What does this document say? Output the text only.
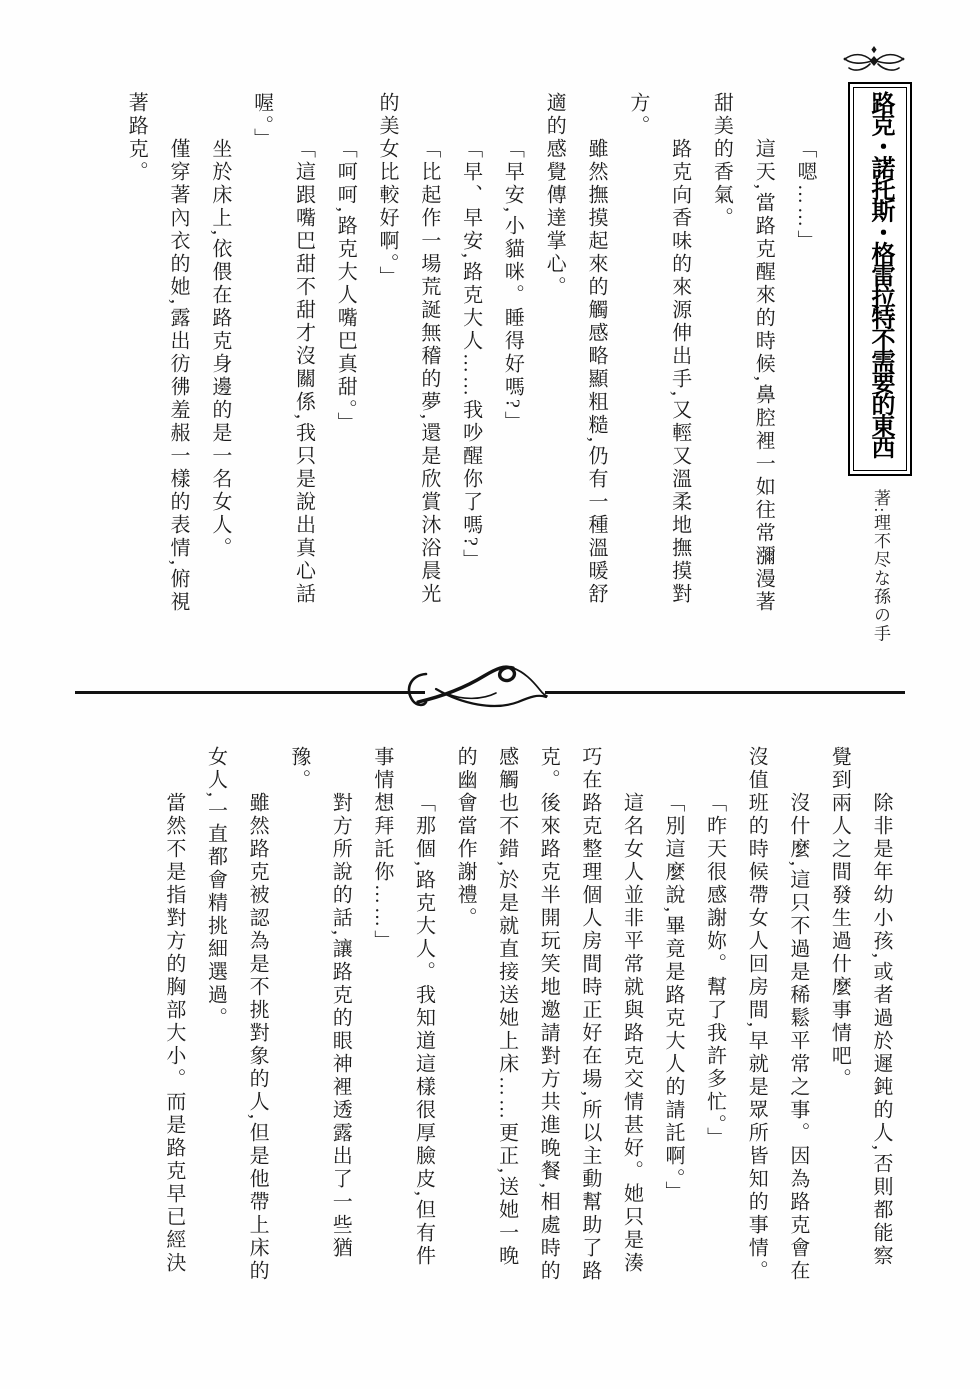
路克・諾托斯・格雷拉特不需要的東西
著:理不尽な孫の手

「嗯……」

這天,當路克醒來的時候,鼻腔裡一如往常瀰漫著甜美的香氣。

路克向香味的來源伸出手,又輕又溫柔地撫摸對方。

雖然撫摸起來的觸感略顯粗糙,仍有一種溫暖舒適的感覺傳達掌心。

「早安,小貓咪。睡得好嗎?」

「早、早安,路克大人……我吵醒你了嗎?」

「比起作一場荒誕無稽的夢,還是欣賞沐浴晨光的美女比較好啊。」

「呵呵,路克大人嘴巴真甜。」

「這跟嘴巴甜不甜才沒關係,我只是說出真心話喔。」

坐於床上,依偎在路克身邊的是一名女人。

僅穿著內衣的她,露出彷彿羞赧一樣的表情,俯視著路克。

除非是年幼小孩,或者過於遲鈍的人,否則都能察覺到兩人之間發生過什麼事情吧。

沒什麼,這只不過是稀鬆平常之事。因為路克會在沒值班的時候帶女人回房間,早就是眾所皆知的事情。

「昨天很感謝妳。幫了我許多忙。」

「別這麼說,畢竟是路克大人的請託啊。」

這名女人並非平常就與路克交情甚好。她只是湊巧在路克整理個人房間時正好在場,所以主動幫助了路克。後來路克半開玩笑地邀請對方共進晚餐,相處時的感觸也不錯,於是就直接送她上床……更正,送她一晚的幽會當作謝禮。

「那個,路克大人。我知道這樣很厚臉皮,但有件事情想拜託你……」

對方所說的話,讓路克的眼神裡透露出了一些猶豫。

雖然路克被認為是不挑對象的人,但是他帶上床的女人,一直都會精挑細選過。

當然不是指對方的胸部大小。而是路克早已經決
